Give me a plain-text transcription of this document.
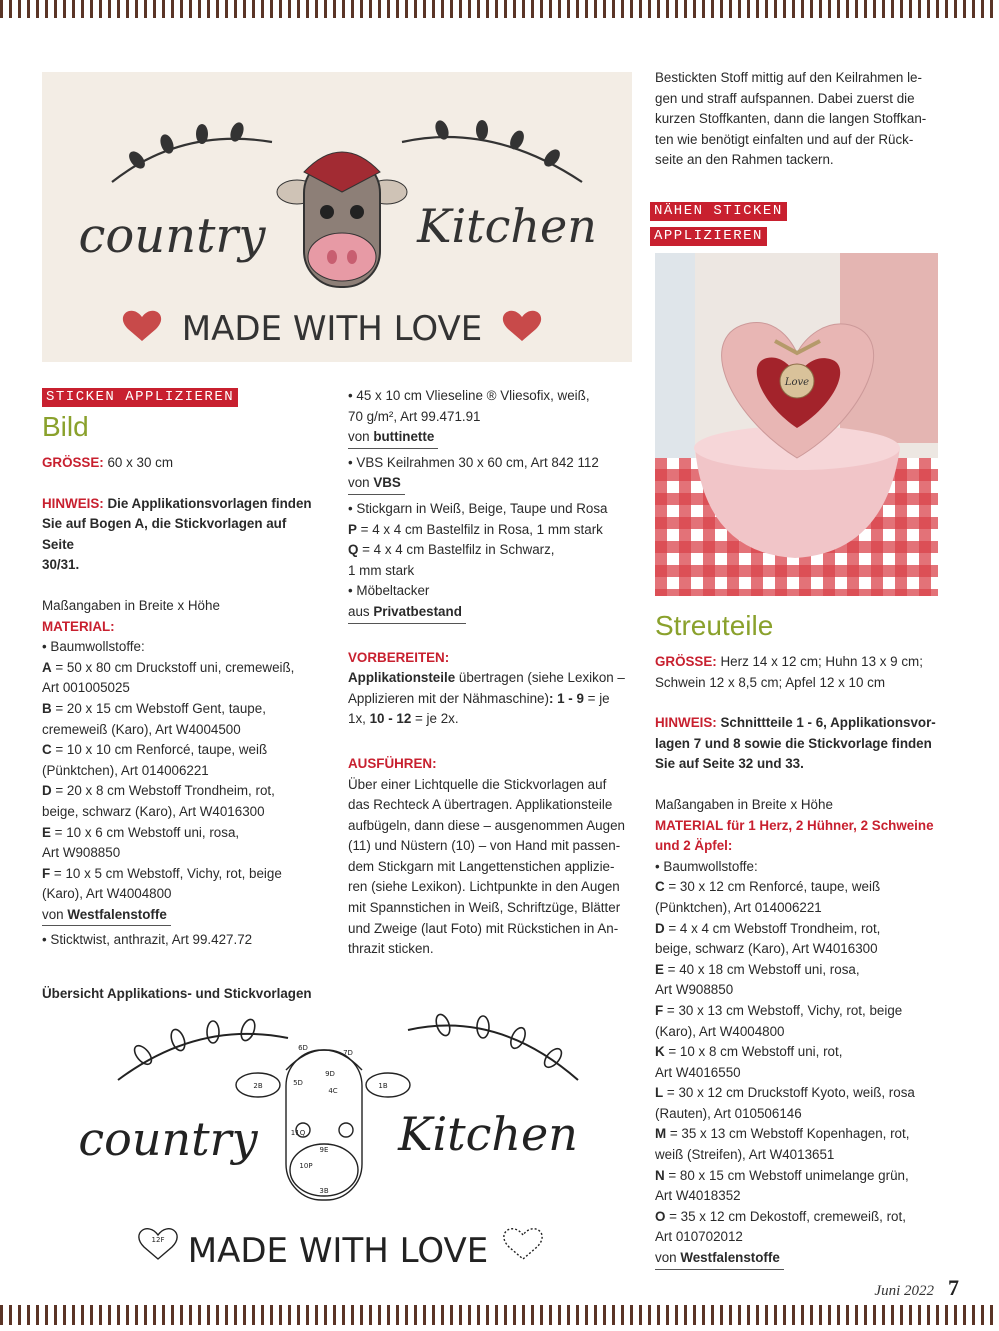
country	Kitchen
MADE WITH LOVE

Bestickten Stoff mittig auf den Keilrahmen le-

gen und straff aufspannen. Dabei zuerst die

kurzen Stoffkanten, dann die langen Stoffkan-

ten wie benötigt einfalten und auf der Rück-

seite an den Rahmen tackern.

NÄHEN STICKEN
APPLIZIEREN
Love
STICKEN APPLIZIEREN
Bild

GRÖSSE: 60 x 30 cm

HINWEIS: Die Applikationsvorlagen finden

Sie auf Bogen A, die Stickvorlagen auf Seite

30/31.

Maßangaben in Breite x Höhe

MATERIAL:

• Baumwollstoffe:

A = 50 x 80 cm Druckstoff uni, cremeweiß,

Art 001005025

B = 20 x 15 cm Webstoff Gent, taupe,

cremeweiß (Karo), Art W4004500

C = 10 x 10 cm Renforcé, taupe, weiß

(Pünktchen), Art 014006221

D = 20 x 8 cm Webstoff Trondheim, rot,

beige, schwarz (Karo), Art W4016300

E = 10 x 6 cm Webstoff uni, rosa,

Art W908850

F = 10 x 5 cm Webstoff, Vichy, rot, beige

(Karo), Art W4004800

von Westfalenstoffe

• Sticktwist, anthrazit, Art 99.427.72

• 45 x 10 cm Vlieseline ® Vliesofix, weiß,

70 g/m², Art 99.471.91

von buttinette

• VBS Keilrahmen 30 x 60 cm, Art 842 112

von VBS

• Stickgarn in Weiß, Beige, Taupe und Rosa

P = 4 x 4 cm Bastelfilz in Rosa, 1 mm stark

Q = 4 x 4 cm Bastelfilz in Schwarz,

1 mm stark

• Möbeltacker

aus Privatbestand

VORBEREITEN:

Applikationsteile übertragen (siehe Lexikon –

Applizieren mit der Nähmaschine): 1 - 9 = je

1x, 10 - 12 = je 2x.

AUSFÜHREN:

Über einer Lichtquelle die Stickvorlagen auf

das Rechteck A übertragen. Applikationsteile

aufbügeln, dann diese – ausgenommen Augen

(11) und Nüstern (10) – von Hand mit passen-

dem Stickgarn mit Langettenstichen applizie-

ren (siehe Lexikon). Lichtpunkte in den Augen

mit Spannstichen in Weiß, Schriftzüge, Blätter

und Zweige (laut Foto) mit Rückstichen in An-

thrazit sticken.

Streuteile

GRÖSSE: Herz 14 x 12 cm; Huhn 13 x 9 cm;

Schwein 12 x 8,5 cm; Apfel 12 x 10 cm

HINWEIS: Schnittteile 1 - 6, Applikationsvor-

lagen 7 und 8 sowie die Stickvorlage finden

Sie auf Seite 32 und 33.

Maßangaben in Breite x Höhe

MATERIAL für 1 Herz, 2 Hühner, 2 Schweine

und 2 Äpfel:

• Baumwollstoffe:

C = 30 x 12 cm Renforcé, taupe, weiß

(Pünktchen), Art 014006221

D = 4 x 4 cm Webstoff Trondheim, rot,

beige, schwarz (Karo), Art W4016300

E = 40 x 18 cm Webstoff uni, rosa,

Art W908850

F = 30 x 13 cm Webstoff, Vichy, rot, beige

(Karo), Art W4004800

K = 10 x 8 cm Webstoff uni, rot,

Art W4016550

L = 30 x 12 cm Druckstoff Kyoto, weiß, rosa

(Rauten), Art 010506146

M = 35 x 13 cm Webstoff Kopenhagen, rot,

weiß (Streifen), Art W4013651

N = 80 x 15 cm Webstoff unimelange grün,

Art W4018352

O = 35 x 12 cm Dekostoff, cremeweiß, rot,

Art 010702012

von Westfalenstoffe

Übersicht Applikations- und Stickvorlagen

6D
7D
9D
2B	5D	1B
4C
9E
11Q
10P
3B
12F
country	Kitchen
MADE WITH LOVE
Juni 2022 7
